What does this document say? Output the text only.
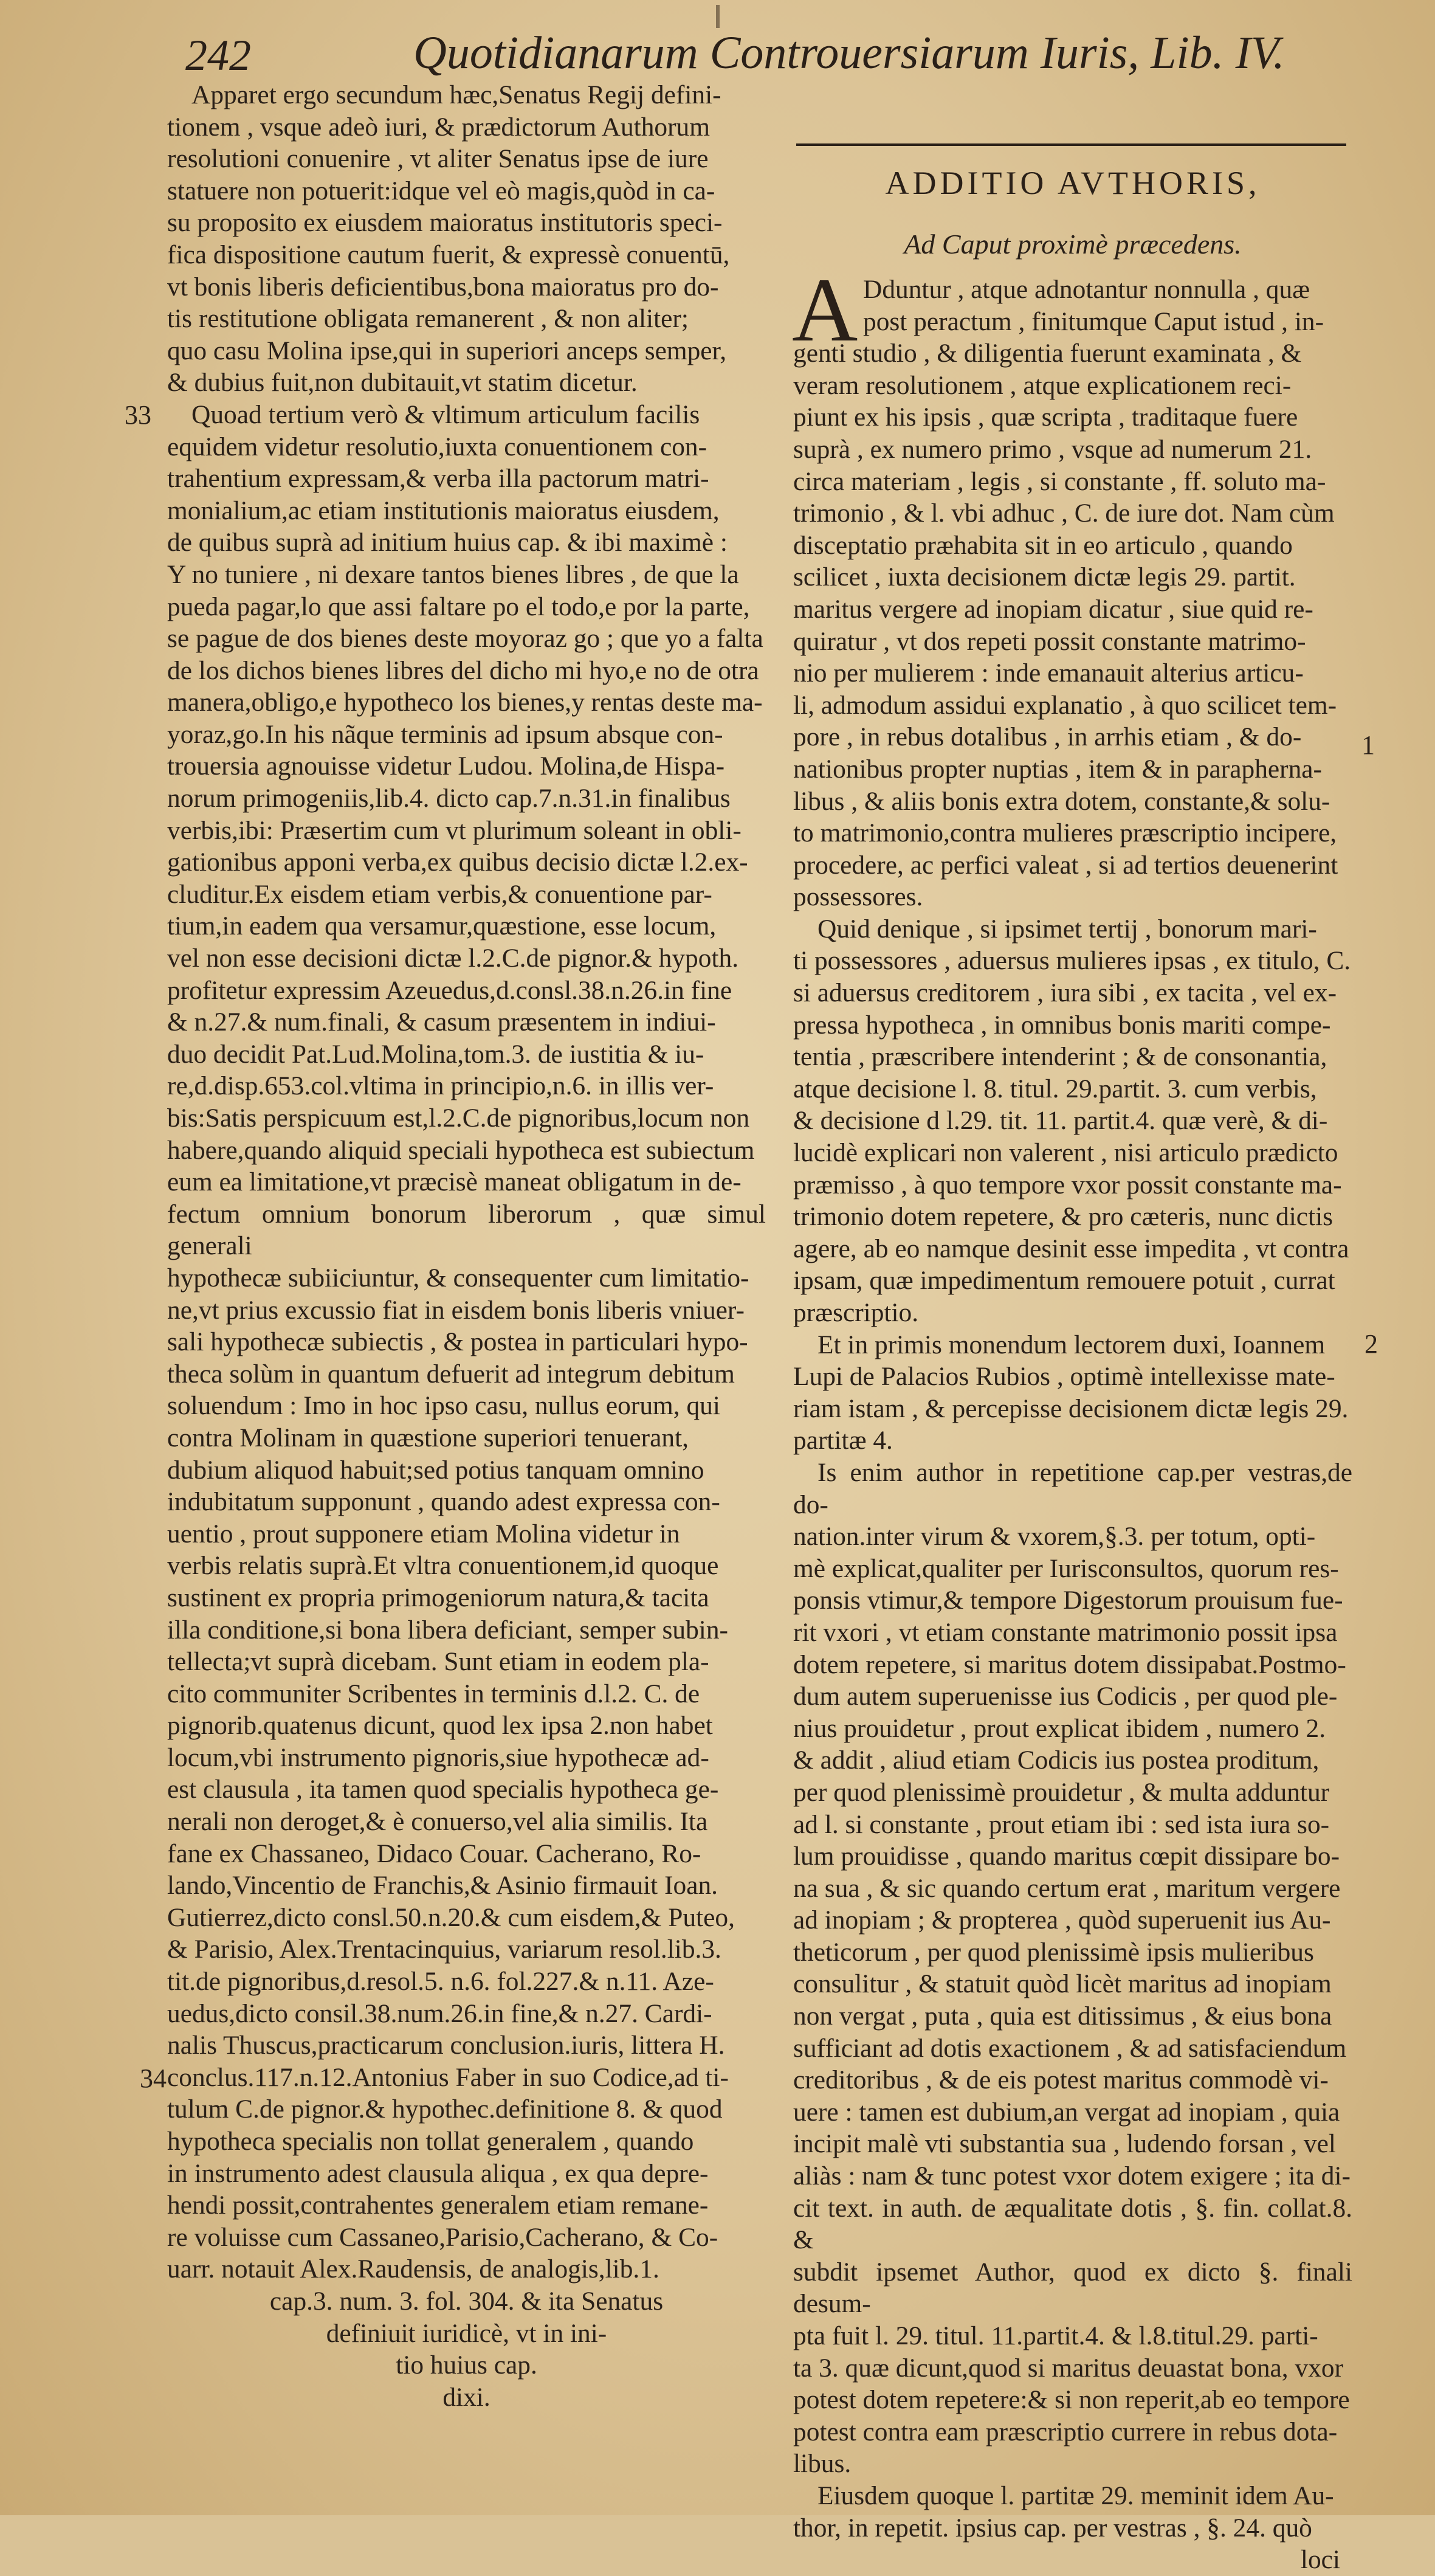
242	Quotidianarum Controuersiarum Iuris, Lib. IV.

Apparet ergo secundum hæc,Senatus Regij defini-
tionem , vsque adeò iuri, & prædictorum Authorum
resolutioni conuenire , vt aliter Senatus ipse de iure
statuere non potuerit:idque vel eò magis,quòd in ca-
su proposito ex eiusdem maioratus institutoris speci-
fica dispositione cautum fuerit, & expressè conuentū,
vt bonis liberis deficientibus,bona maioratus pro do-
tis restitutione obligata remanerent , & non aliter;
quo casu Molina ipse,qui in superiori anceps semper,
& dubius fuit,non dubitauit,vt statim dicetur.

Quoad tertium verò & vltimum articulum facilis
equidem videtur resolutio,iuxta conuentionem con-
trahentium expressam,& verba illa pactorum matri-
monialium,ac etiam institutionis maioratus eiusdem,
de quibus suprà ad initium huius cap. & ibi maximè :
Y no tuniere , ni dexare tantos bienes libres , de que la
pueda pagar,lo que assi faltare po el todo,e por la parte,
se pague de dos bienes deste moyoraz go ; que yo a falta
de los dichos bienes libres del dicho mi hyo,e no de otra
manera,obligo,e hypotheco los bienes,y rentas deste ma-
yoraz,go.In his nãque terminis ad ipsum absque con-
trouersia agnouisse videtur Ludou. Molina,de Hispa-
norum primogeniis,lib.4. dicto cap.7.n.31.in finalibus
verbis,ibi: Præsertim cum vt plurimum soleant in obli-
gationibus apponi verba,ex quibus decisio dictæ l.2.ex-
cluditur.Ex eisdem etiam verbis,& conuentione par-
tium,in eadem qua versamur,quæstione, esse locum,
vel non esse decisioni dictæ l.2.C.de pignor.& hypoth.
profitetur expressim Azeuedus,d.consl.38.n.26.in fine
& n.27.& num.finali, & casum præsentem in indiui-
duo decidit Pat.Lud.Molina,tom.3. de iustitia & iu-
re,d.disp.653.col.vltima in principio,n.6. in illis ver-
bis:Satis perspicuum est,l.2.C.de pignoribus,locum non
habere,quando aliquid speciali hypotheca est subiectum
eum ea limitatione,vt præcisè maneat obligatum in de-
fectum omnium bonorum liberorum , quæ simul generali
hypothecæ subiiciuntur, & consequenter cum limitatio-
ne,vt prius excussio fiat in eisdem bonis liberis vniuer-
sali hypothecæ subiectis , & postea in particulari hypo-
theca solùm in quantum defuerit ad integrum debitum
soluendum : Imo in hoc ipso casu, nullus eorum, qui
contra Molinam in quæstione superiori tenuerant,
dubium aliquod habuit;sed potius tanquam omnino
indubitatum supponunt , quando adest expressa con-
uentio , prout supponere etiam Molina videtur in
verbis relatis suprà.Et vltra conuentionem,id quoque
sustinent ex propria primogeniorum natura,& tacita
illa conditione,si bona libera deficiant, semper subin-
tellecta;vt suprà dicebam. Sunt etiam in eodem pla-
cito communiter Scribentes in terminis d.l.2. C. de

pignorib.quatenus dicunt, quod lex ipsa 2.non habet
locum,vbi instrumento pignoris,siue hypothecæ ad-
est clausula , ita tamen quod specialis hypotheca ge-
nerali non deroget,& è conuerso,vel alia similis. Ita
fane ex Chassaneo, Didaco Couar. Cacherano, Ro-
lando,Vincentio de Franchis,& Asinio firmauit Ioan.
Gutierrez,dicto consl.50.n.20.& cum eisdem,& Puteo,
& Parisio, Alex.Trentacinquius, variarum resol.lib.3.
tit.de pignoribus,d.resol.5. n.6. fol.227.& n.11. Aze-
uedus,dicto consil.38.num.26.in fine,& n.27. Cardi-
nalis Thuscus,practicarum conclusion.iuris, littera H.
conclus.117.n.12.Antonius Faber in suo Codice,ad ti-
tulum C.de pignor.& hypothec.definitione 8. & quod
hypotheca specialis non tollat generalem , quando
in instrumento adest clausula aliqua , ex qua depre-
hendi possit,contrahentes generalem etiam remane-
re voluisse cum Cassaneo,Parisio,Cacherano, & Co-
uarr. notauit Alex.Raudensis, de analogis,lib.1.

cap.3. num. 3. fol. 304. & ita Senatus

definiuit iuridicè, vt in ini-

tio huius cap.

dixi.

33
34
ADDITIO AVTHORIS,
Ad Caput proximè præcedens.
A Dduntur , atque adnotantur nonnulla , quæ
post peractum , finitumque Caput istud , in-

genti studio , & diligentia fuerunt examinata , &
veram resolutionem , atque explicationem reci-
piunt ex his ipsis , quæ scripta , traditaque fuere
suprà , ex numero primo , vsque ad numerum 21.
circa materiam , legis , si constante , ff. soluto ma-
trimonio , & l. vbi adhuc , C. de iure dot. Nam cùm
disceptatio præhabita sit in eo articulo , quando
scilicet , iuxta decisionem dictæ legis 29. partit.
maritus vergere ad inopiam dicatur , siue quid re-
quiratur , vt dos repeti possit constante matrimo-
nio per mulierem : inde emanauit alterius articu-
li, admodum assidui explanatio , à quo scilicet tem-
pore , in rebus dotalibus , in arrhis etiam , & do-
nationibus propter nuptias , item & in paraphernа-
libus , & aliis bonis extra dotem, constante,& solu-
to matrimonio,contra mulieres præscriptio incipere,
procedere, ac perfici valeat , si ad tertios deuenerint
possessores.

Quid denique , si ipsimet tertij , bonorum mari-
ti possessores , aduersus mulieres ipsas , ex titulo, C.
si aduersus creditorem , iura sibi , ex tacita , vel ex-
pressa hypotheca , in omnibus bonis mariti compe-
tentia , præscribere intenderint ; & de consonantia,
atque decisione l. 8. titul. 29.partit. 3. cum verbis,
& decisione d l.29. tit. 11. partit.4. quæ verè, & di-
lucidè explicari non valerent , nisi articulo prædicto
præmisso , à quo tempore vxor possit constante ma-
trimonio dotem repetere, & pro cæteris, nunc dictis
agere, ab eo namque desinit esse impedita , vt contra
ipsam, quæ impedimentum remouere potuit , currat
præscriptio.

Et in primis monendum lectorem duxi, Ioannem
Lupi de Palacios Rubios , optimè intellexisse mate-
riam istam , & percepisse decisionem dictæ legis 29.
partitæ 4.

Is enim author in repetitione cap.per vestras,de do-
nation.inter virum & vxorem,§.3. per totum, opti-
mè explicat,qualiter per Iurisconsultos, quorum res-
ponsis vtimur,& tempore Digestorum prouisum fue-
rit vxori , vt etiam constante matrimonio possit ipsa
dotem repetere, si maritus dotem dissipabat.Postmo-
dum autem superuenisse ius Codicis , per quod ple-
nius prouidetur , prout explicat ibidem , numero 2.
& addit , aliud etiam Codicis ius postea proditum,
per quod plenissimè prouidetur , & multa adduntur
ad l. si constante , prout etiam ibi : sed ista iura so-
lum prouidisse , quando maritus cœpit dissipare bo-
na sua , & sic quando certum erat , maritum vergere
ad inopiam ; & propterea , quòd superuenit ius Au-
theticorum , per quod plenissimè ipsis mulieribus
consulitur , & statuit quòd licèt maritus ad inopiam
non vergat , puta , quia est ditissimus , & eius bona
sufficiant ad dotis exactionem , & ad satisfaciendum
creditoribus , & de eis potest maritus commodè vi-
uere : tamen est dubium,an vergat ad inopiam , quia
incipit malè vti substantia sua , ludendo forsan , vel
aliàs : nam & tunc potest vxor dotem exigere ; ita di-
cit text. in auth. de æqualitate dotis , §. fin. collat.8. &
subdit ipsemet Author, quod ex dicto §. finali desum-
pta fuit l. 29. titul. 11.partit.4. & l.8.titul.29. parti-
ta 3. quæ dicunt,quod si maritus deuastat bona, vxor
potest dotem repetere:& si non reperit,ab eo tempore
potest contra eam præscriptio currere in rebus dota-
libus.

Eiusdem quoque l. partitæ 29. meminit idem Au-
thor, in repetit. ipsius cap. per vestras , §. 24. quò

loci

1
2
